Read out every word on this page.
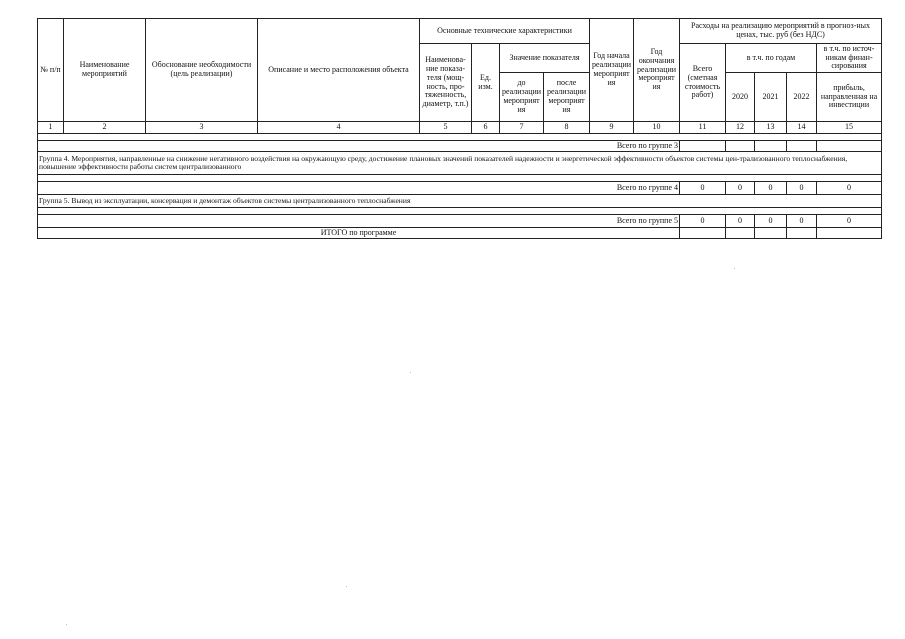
№ п/п	Наименование мероприятий	Обоснование необходимости (цель реализации)	Описание и место расположения объекта	Основные технические характеристики				Год начала реализации мероприят ия	Год окончания реализации мероприят ия	Расходы на реализацию мероприятий в прогноз-ных ценах, тыс. руб (без НДС)				
				Наименова-ние показа-теля (мощ-ность, про-тяженность, диаметр, т.п.)	Ед. изм.	Значение показателя				Всего (сметная стоимость работ)	в т.ч. по годам			в т.ч. по источ-никам финан-сирования
														прибыль, направленная на инвестиции
						до реализации мероприят ия	после реализации мероприят ия				2020	2021	2022	
1	2	3	4	5	6	7	8	9	10	11	12	13	14	15

Всего по группе 3														
Группа 4. Мероприятия, направленные на снижение негативного воздействия на окружающую среду, достижение плановых значений показателей надежности и энергетической эффективности объектов системы цен-трализованного теплоснабжения, повышение эффективности работы систем централизованного														

Всего по группе 4										0	0	0	0	0
Группа 5. Вывод из эксплуатации, консервация и демонтаж объектов системы централизованного теплоснабжения														

Всего по группе 5										0	0	0	0	0
ИТОГО по программе														
